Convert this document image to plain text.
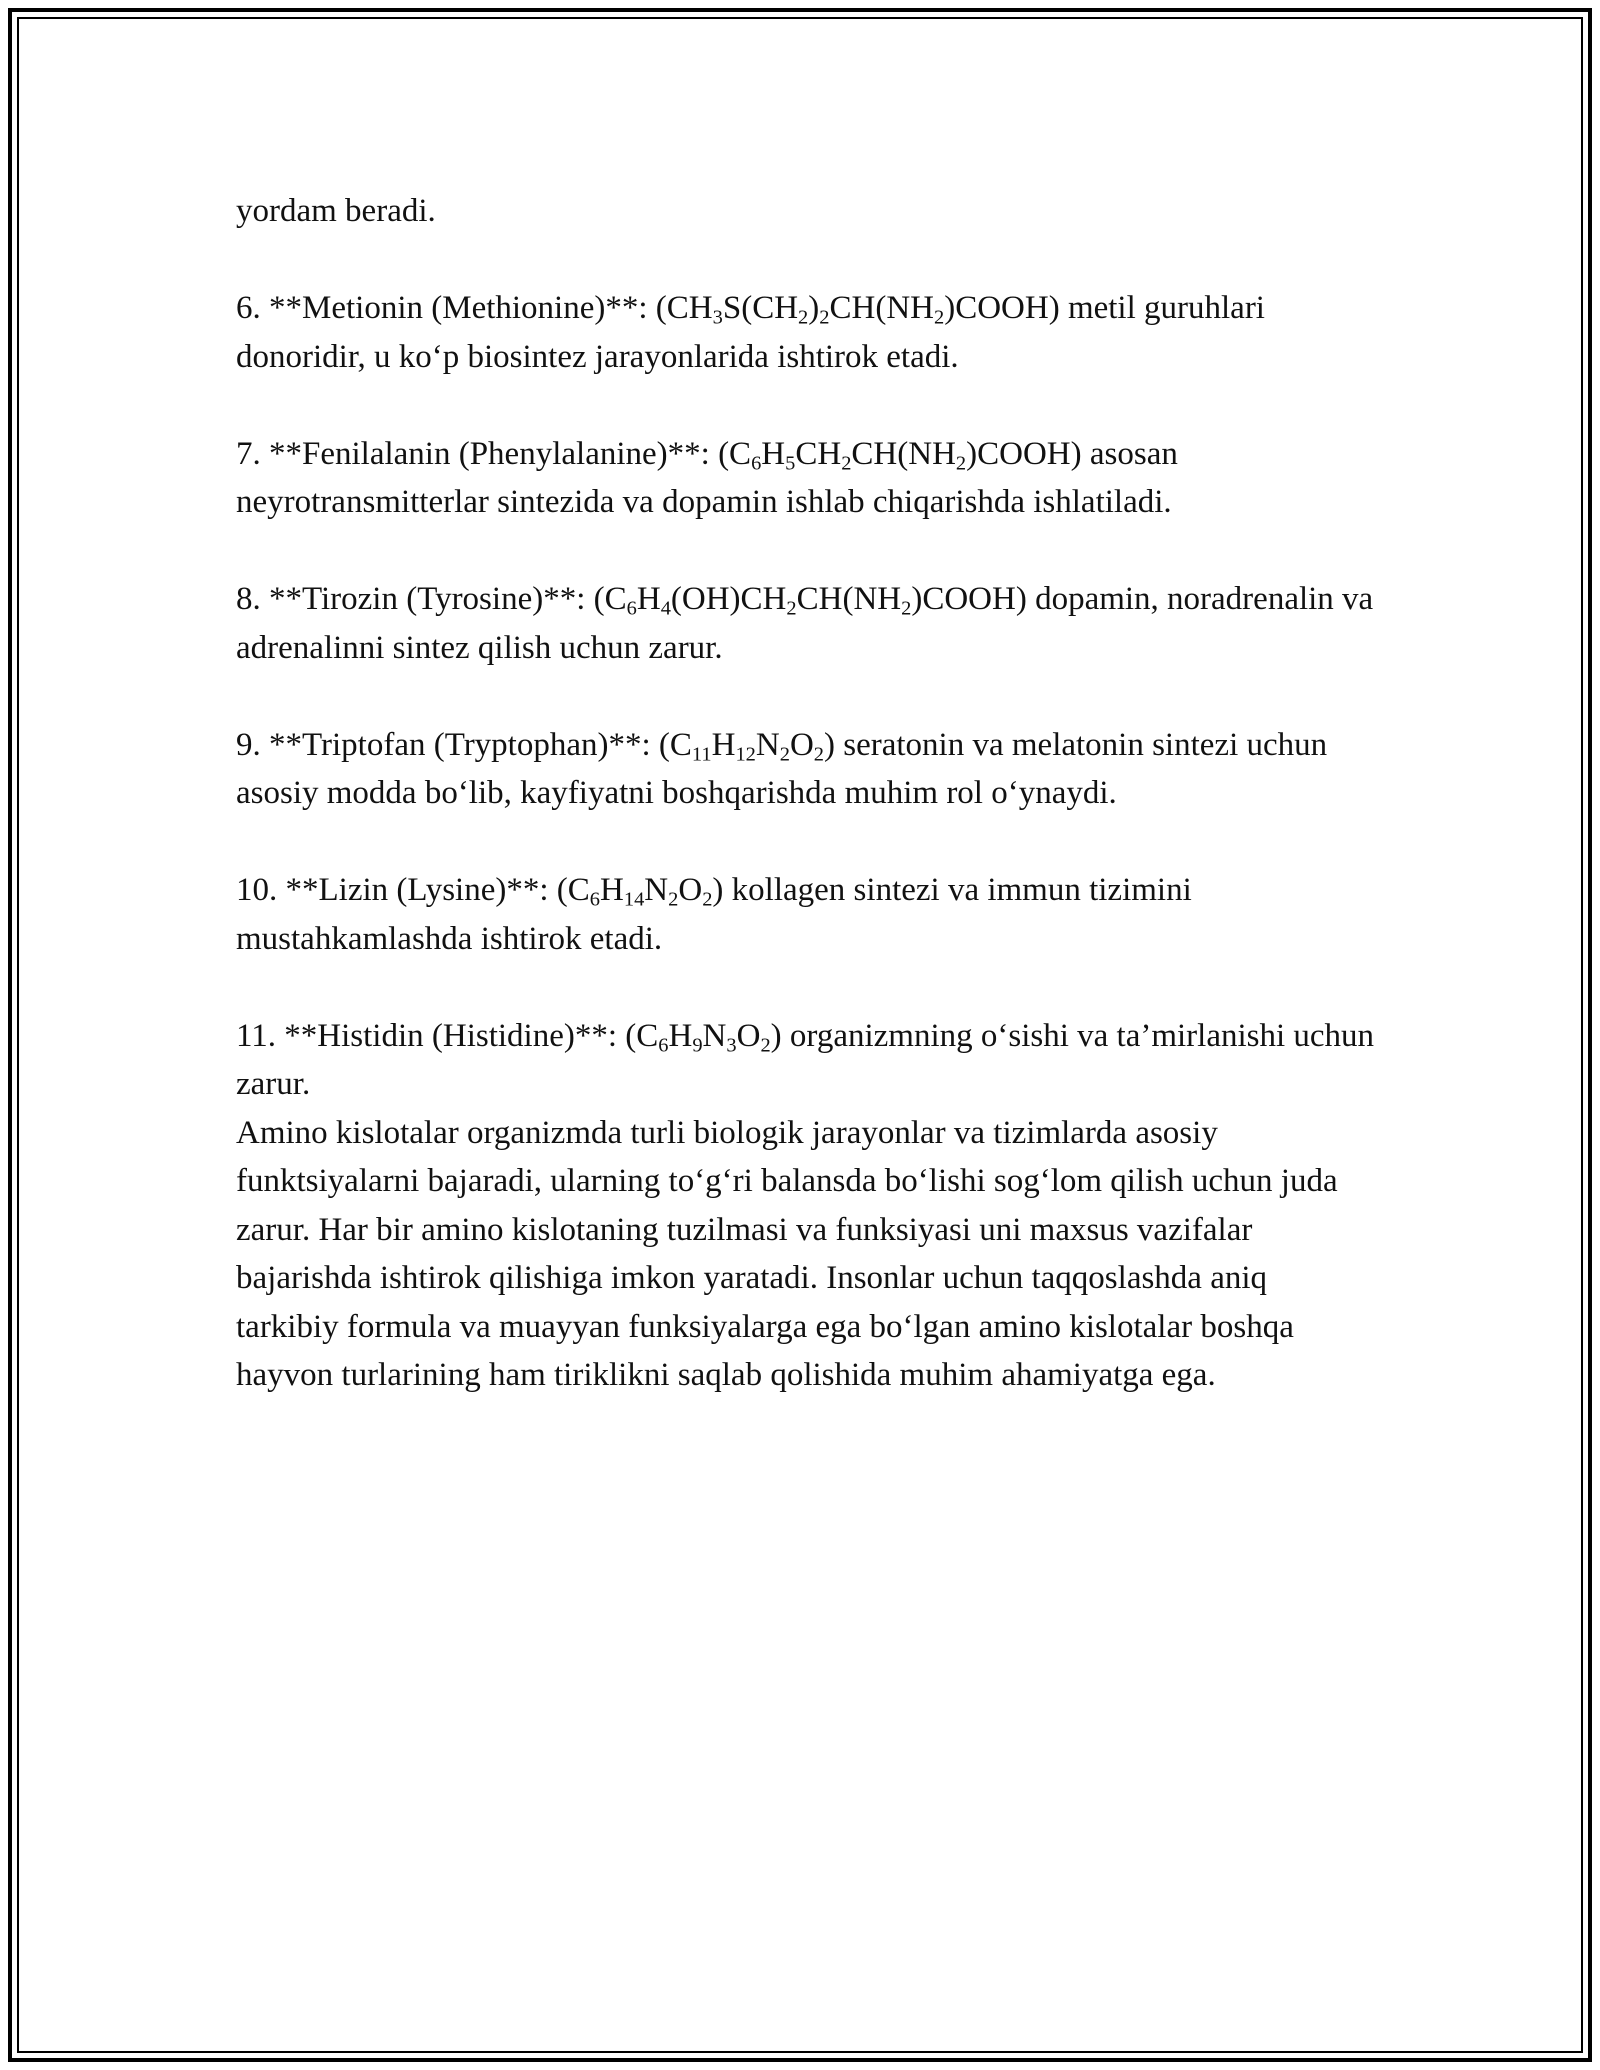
yordam beradi.

6. **Metionin (Methionine)**: $(CH_3S(CH_2)_2CH(NH_2)COOH)$ metil guruhlari donoridir, u ko‘p biosintez jarayonlarida ishtirok etadi.

7. **Fenilalanin (Phenylalanine)**: $(C_6H_5CH_2CH(NH_2)COOH)$ asosan neyrotransmitterlar sintezida va dopamin ishlab chiqarishda ishlatiladi.

8. **Tirozin (Tyrosine)**: $(C_6H_4(OH)CH_2CH(NH_2)COOH)$ dopamin, noradrenalin va adrenalinni sintez qilish uchun zarur.

9. **Triptofan (Tryptophan)**: $(C_{11}H_{12}N_2O_2)$ seratonin va melatonin sintezi uchun asosiy modda bo‘lib, kayfiyatni boshqarishda muhim rol o‘ynaydi.

10. **Lizin (Lysine)**: $(C_6H_{14}N_2O_2)$ kollagen sintezi va immun tizimini mustahkamlashda ishtirok etadi.

11. **Histidin (Histidine)**: $(C_6H_9N_3O_2)$ organizmning o‘sishi va ta’mirlanishi uchun zarur.

Amino kislotalar organizmda turli biologik jarayonlar va tizimlarda asosiy funktsiyalarni bajaradi, ularning to‘g‘ri balansda bo‘lishi sog‘lom qilish uchun juda zarur. Har bir amino kislotaning tuzilmasi va funksiyasi uni maxsus vazifalar bajarishda ishtirok qilishiga imkon yaratadi. Insonlar uchun taqqoslashda aniq tarkibiy formula va muayyan funksiyalarga ega bo‘lgan amino kislotalar boshqa hayvon turlarining ham tiriklikni saqlab qolishida muhim ahamiyatga ega.
